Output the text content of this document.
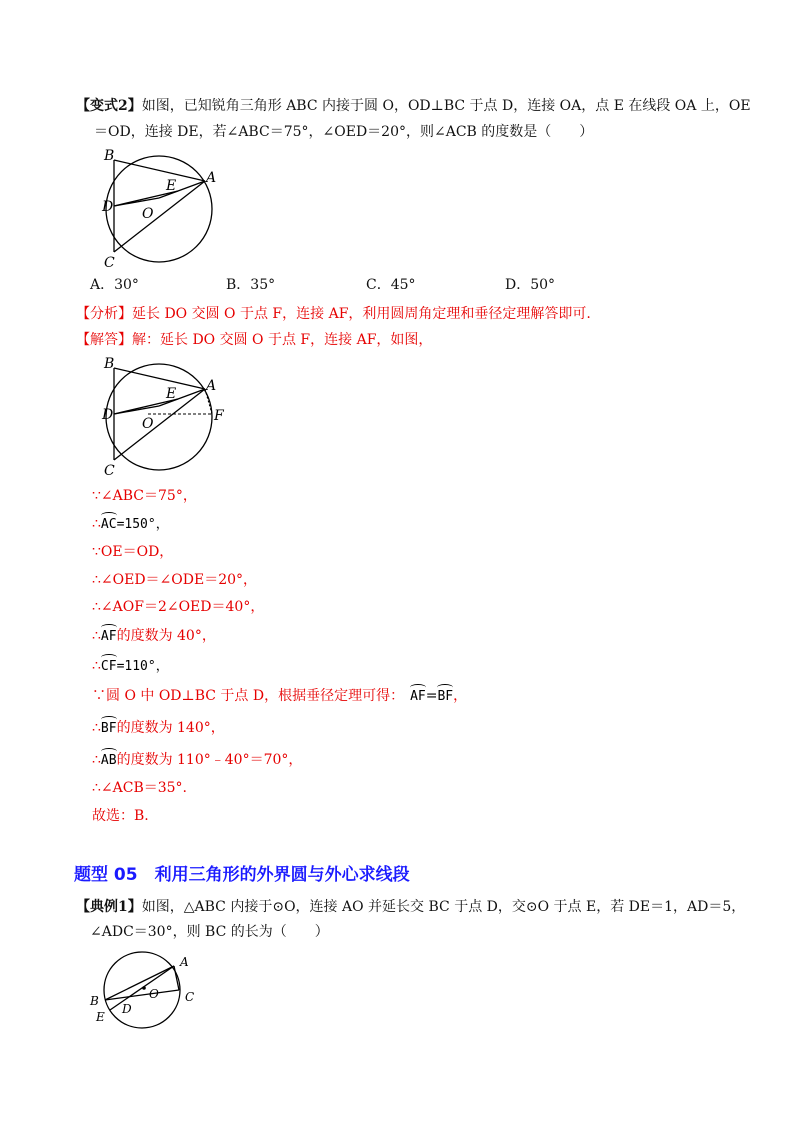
【变式2】如图，已知锐角三角形 ABC 内接于圆 O，OD⊥BC 于点 D，连接 OA，点 E 在线段 OA 上，OE
＝OD，连接 DE，若∠ABC＝75°，∠OED＝20°，则∠ACB 的度数是（　　）
B
A
E
D O
C
A．30°	B．35°	C．45°	D．50°
【分析】延长 DO 交圆 O 于点 F，连接 AF，利用圆周角定理和垂径定理解答即可.
【解答】解：延长 DO 交圆 O 于点 F，连接 AF，如图，
B
A
E
D
O	F
C
∵∠ABC＝75°，
∴AC=150°，
∵OE＝OD，
∴∠OED＝∠ODE＝20°，
∴∠AOF＝2∠OED＝40°，
∴AF的度数为 40°，
∴CF=110°，
∵圆 O 中 OD⊥BC 于点 D，根据垂径定理可得： AF=BF，
∴BF的度数为 140°，
∴AB的度数为 110°﹣40°＝70°，
∴∠ACB＝35°.
故选：B.
题型 05　利用三角形的外界圆与外心求线段
【典例1】如图，△ABC 内接于⊙O，连接 AO 并延长交 BC 于点 D，交⊙O 于点 E，若 DE＝1，AD＝5，
∠ADC＝30°，则 BC 的长为（　　）
A
B	O C
E
D
